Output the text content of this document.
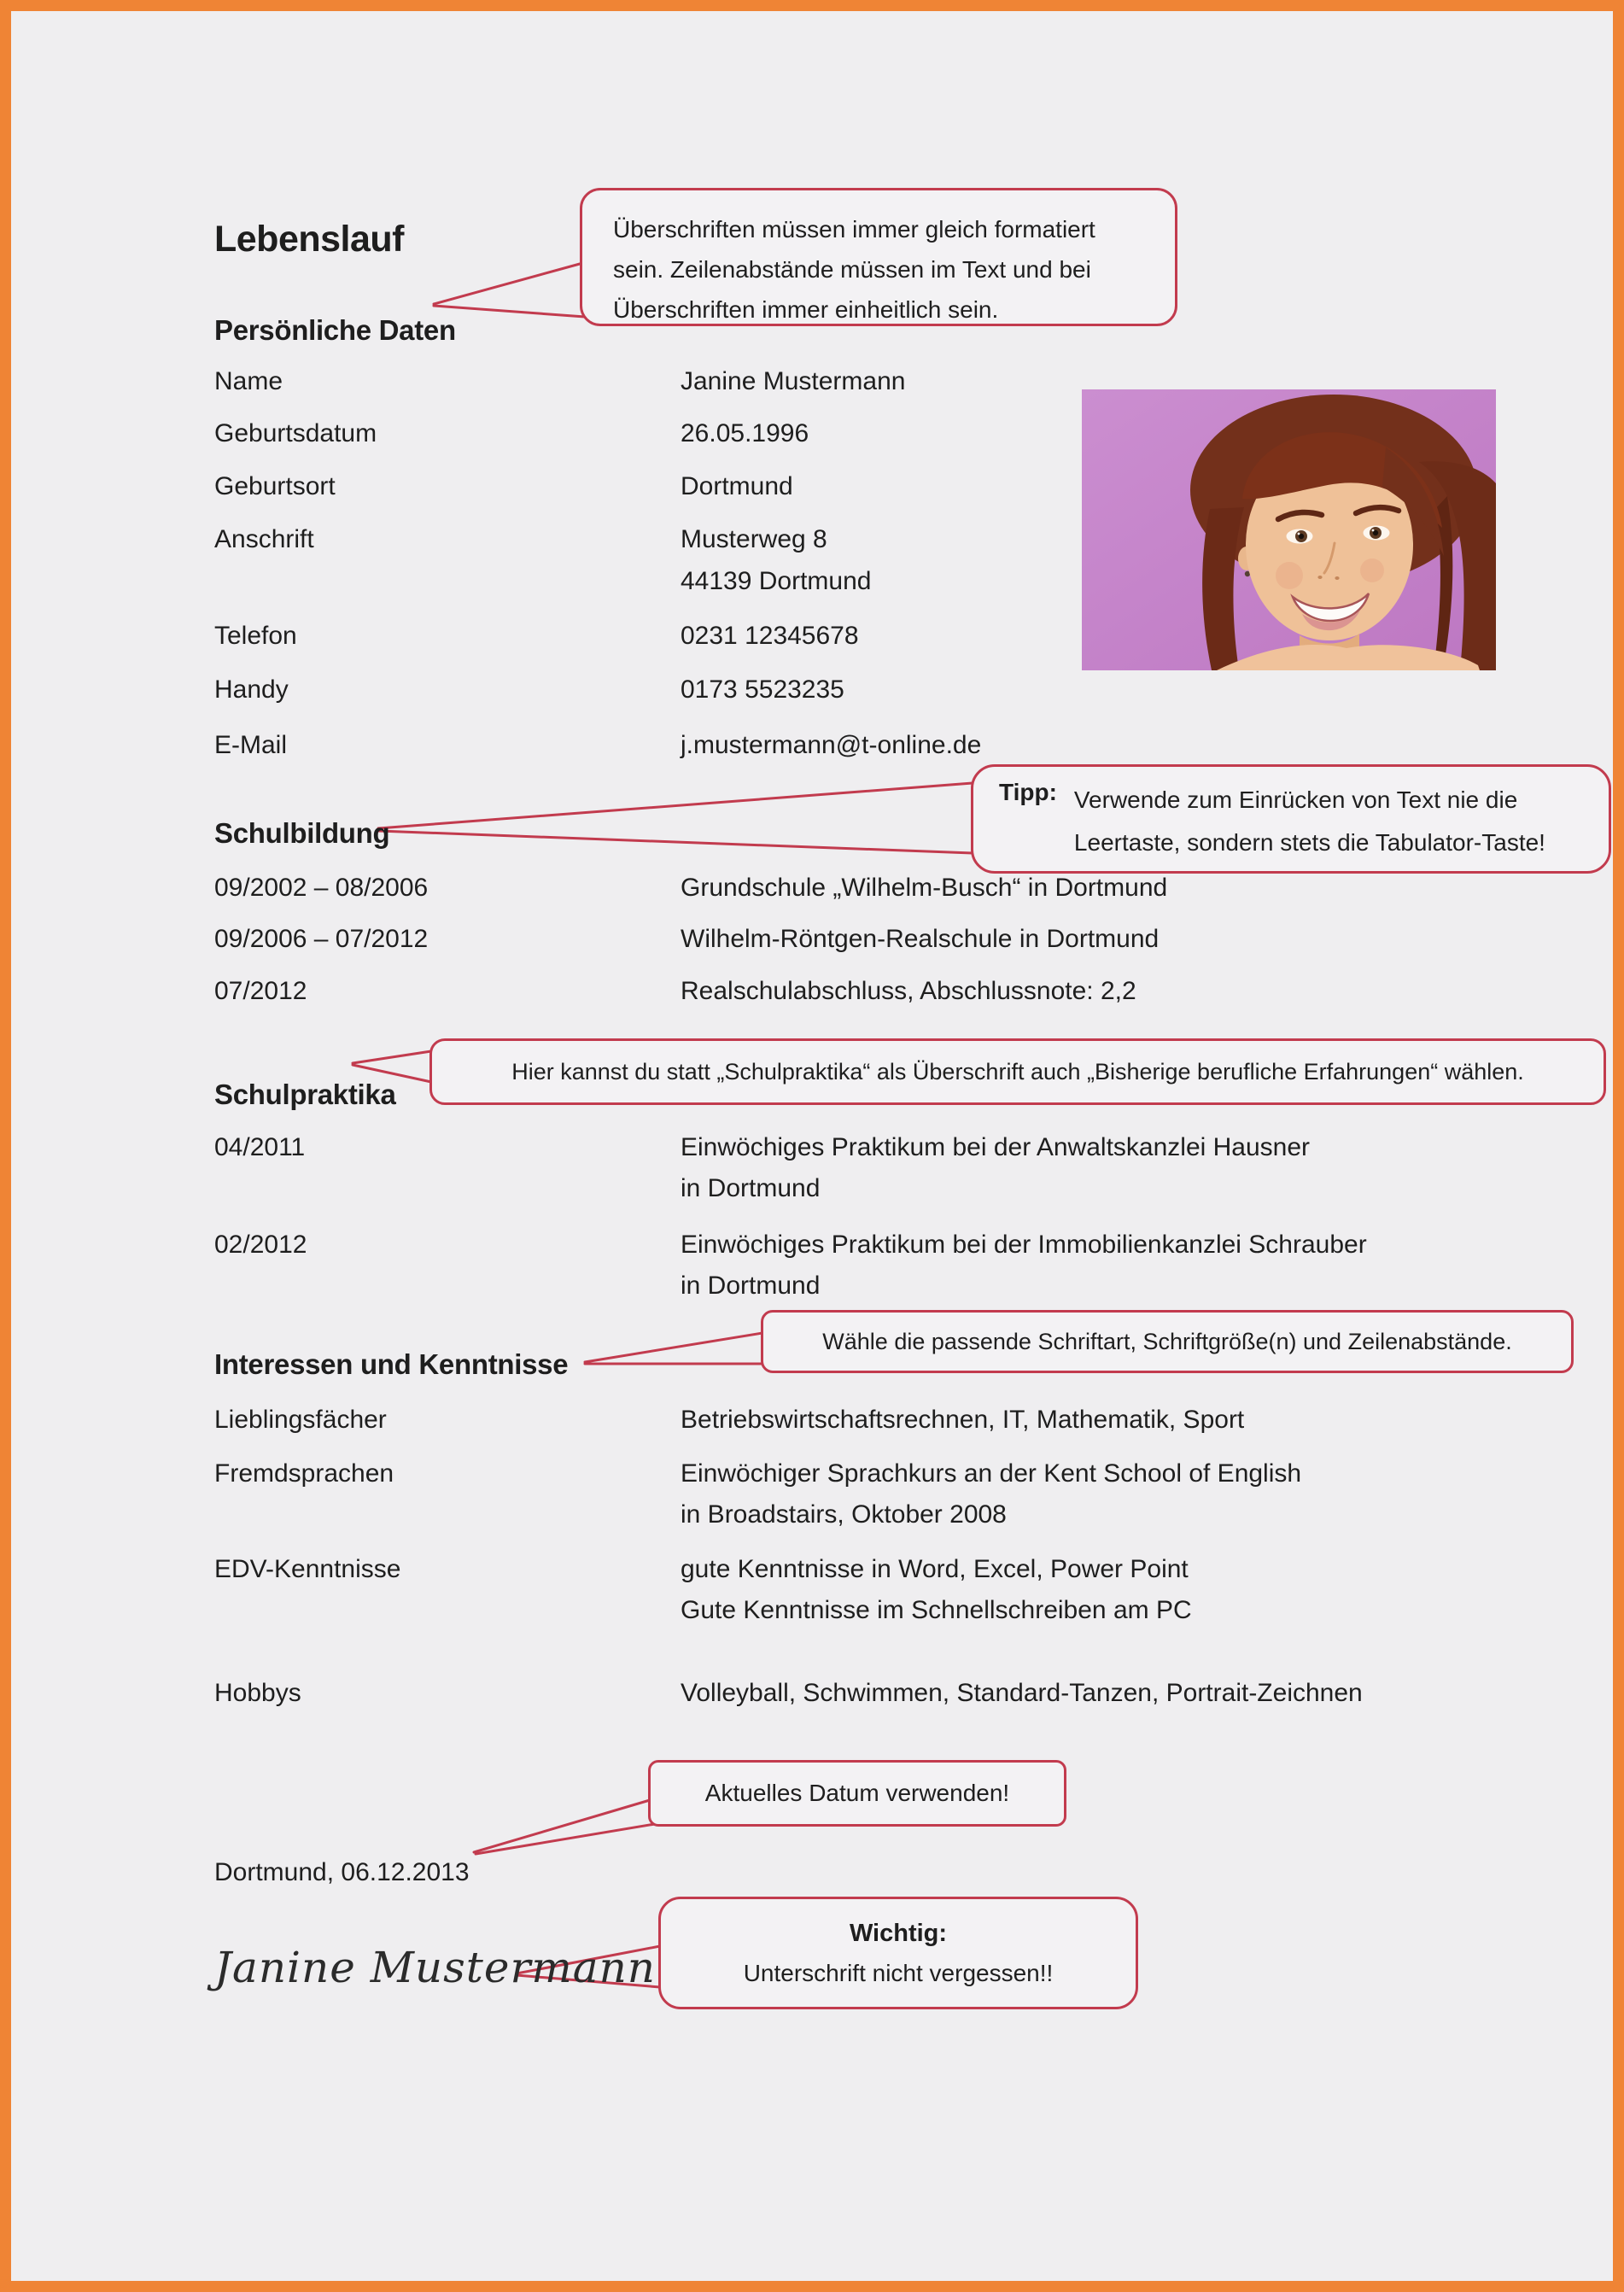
Lebenslauf	Überschriften müssen immer gleich formatiert
sein. Zeilenabstände müssen im Text und bei
Überschriften immer einheitlich sein.
Persönliche Daten
Name	Janine Mustermann
Geburtsdatum	26.05.1996
Geburtsort	Dortmund
Anschrift	Musterweg 8
44139 Dortmund
Telefon	0231 12345678
Handy	0173 5523235
E-Mail	j.mustermann@t-online.de
Schulbildung
Tipp: Verwende zum Einrücken von Text nie die
Leertaste, sondern stets die Tabulator-Taste!
09/2002 – 08/2006	Grundschule „Wilhelm-Busch“ in Dortmund
09/2006 – 07/2012	Wilhelm-Röntgen-Realschule in Dortmund
07/2012	Realschulabschluss, Abschlussnote: 2,2
Hier kannst du statt „Schulpraktika“ als Überschrift auch „Bisherige berufliche Erfahrungen“ wählen.
Schulpraktika
04/2011	Einwöchiges Praktikum bei der Anwaltskanzlei Hausner
in Dortmund
02/2012	Einwöchiges Praktikum bei der Immobilienkanzlei Schrauber
in Dortmund
Wähle die passende Schriftart, Schriftgröße(n) und Zeilenabstände.
Interessen und Kenntnisse
Lieblingsfächer	Betriebswirtschaftsrechnen, IT, Mathematik, Sport
Fremdsprachen	Einwöchiger Sprachkurs an der Kent School of English
in Broadstairs, Oktober 2008
EDV-Kenntnisse	gute Kenntnisse in Word, Excel, Power Point
Gute Kenntnisse im Schnellschreiben am PC
Hobbys	Volleyball, Schwimmen, Standard-Tanzen, Portrait-Zeichnen
Aktuelles Datum verwenden!
Dortmund, 06.12.2013
Wichtig:
Unterschrift nicht vergessen!!
Janine Mustermann
